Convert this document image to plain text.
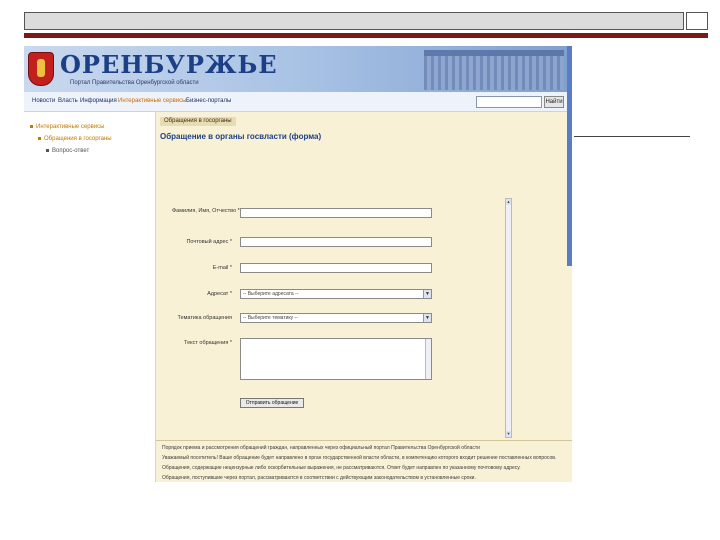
ОРЕНБУРЖЬЕ
Портал Правительства Оренбургской области
Новости Власть Информация Интерактивные сервисы Бизнес-порталы	Найти
Интерактивные сервисы
Обращения в госорганы
Вопрос-ответ
Обращения в госорганы
Обращение в органы госвласти (форма)
Фамилия, Имя, Отчество *
Почтовый адрес *
E-mail *
Адресат *	-- Выберите адресата --	▼
Тематика обращения	-- Выберите тематику --	▼
Текст обращения *
Отправить обращение
▲
▼

Порядок приема и рассмотрения обращений граждан, направленных через официальный портал Правительства Оренбургской области

Уважаемый посетитель! Ваше обращение будет направлено в орган государственной власти области, в компетенцию которого входит решение поставленных вопросов.

Обращения, содержащие нецензурные либо оскорбительные выражения, не рассматриваются. Ответ будет направлен по указанному почтовому адресу.

Обращения, поступившие через портал, рассматриваются в соответствии с действующим законодательством в установленные сроки.
